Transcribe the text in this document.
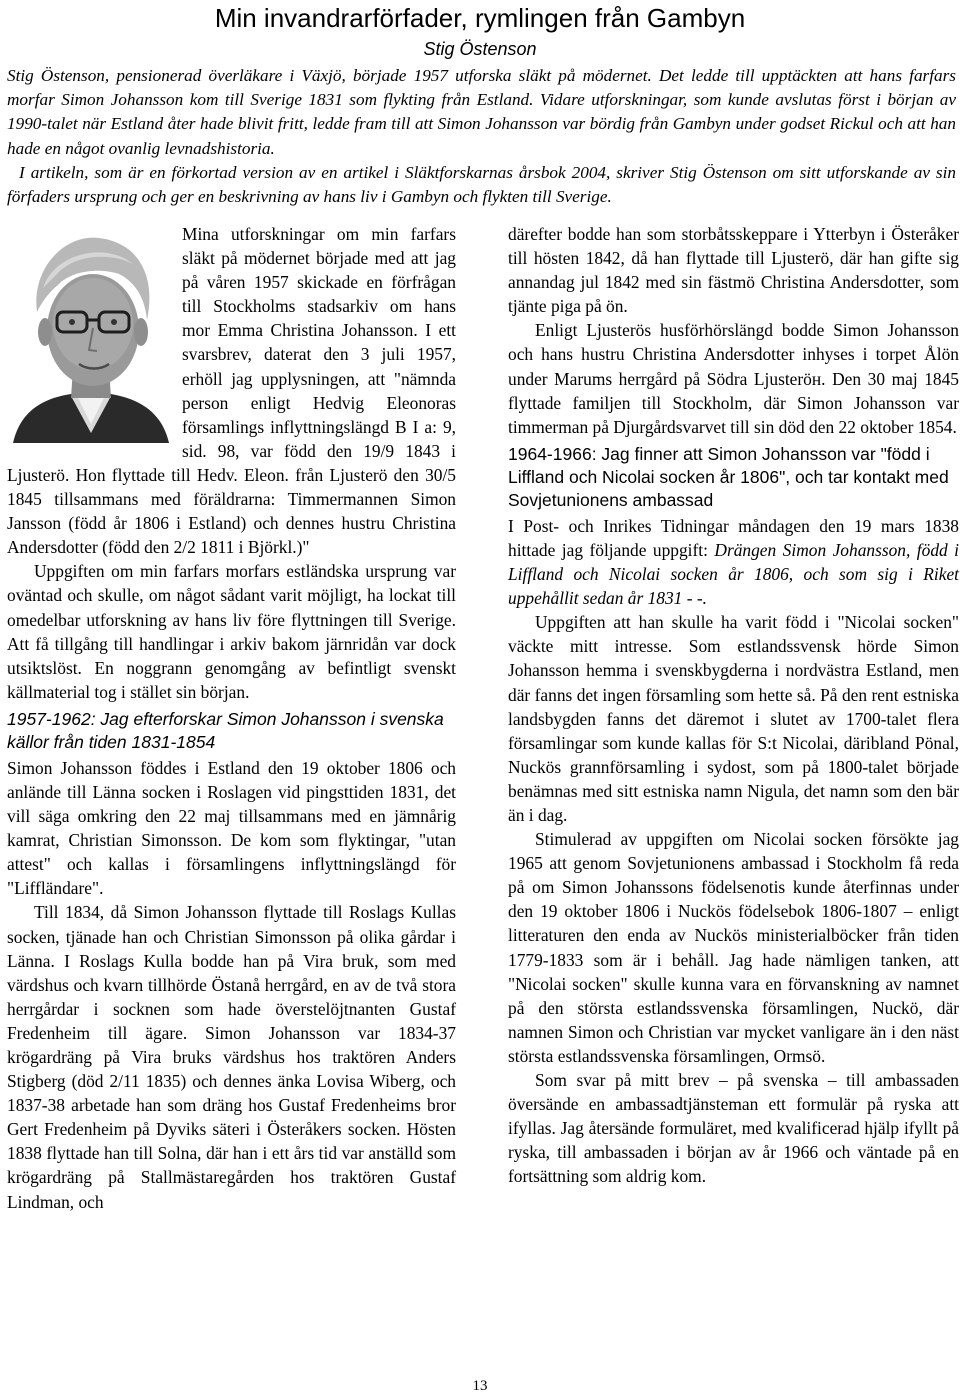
Min invandrarförfader, rymlingen från Gambyn
Stig Östenson

Stig Östenson, pensionerad överläkare i Växjö, började 1957 utforska släkt på mödernet. Det ledde till upptäckten att hans farfars morfar Simon Johansson kom till Sverige 1831 som flykting från Estland. Vidare utforskningar, som kunde avslutas först i början av 1990-talet när Estland åter hade blivit fritt, ledde fram till att Simon Johansson var bördig från Gambyn under godset Rickul och att han hade en något ovanlig levnadshistoria.

I artikeln, som är en förkortad version av en artikel i Släktforskarnas årsbok 2004, skriver Stig Östenson om sitt utforskande av sin förfaders ursprung och ger en beskrivning av hans liv i Gambyn och flykten till Sverige.

Mina utforskningar om min farfars släkt på mödernet började med att jag på våren 1957 skickade en förfrågan till Stockholms stadsarkiv om hans mor Emma Christina Johansson. I ett svarsbrev, daterat den 3 juli 1957, erhöll jag upplysningen, att "nämnda person enligt Hedvig Eleonoras församlings inflyttningslängd B I a: 9, sid. 98, var född den 19/9 1843 i Ljusterö. Hon flyttade till Hedv. Eleon. från Ljusterö den 30/5 1845 tillsammans med föräldrarna: Timmermannen Simon Jansson (född år 1806 i Estland) och dennes hustru Christina Andersdotter (född den 2/2 1811 i Björkl.)"

Uppgiften om min farfars morfars estländska ursprung var oväntad och skulle, om något sådant varit möjligt, ha lockat till omedelbar utforskning av hans liv före flyttningen till Sverige. Att få tillgång till handlingar i arkiv bakom järnridån var dock utsiktslöst. En noggrann genomgång av befintligt svenskt källmaterial tog i stället sin början.

1957-1962: Jag efterforskar Simon Johansson i svenska källor från tiden 1831-1854

Simon Johansson föddes i Estland den 19 oktober 1806 och anlände till Länna socken i Roslagen vid pingsttiden 1831, det vill säga omkring den 22 maj tillsammans med en jämnårig kamrat, Christian Simonsson. De kom som flyktingar, "utan attest" och kallas i församlingens inflyttningslängd för "Liffländare".

Till 1834, då Simon Johansson flyttade till Roslags Kullas socken, tjänade han och Christian Simonsson på olika gårdar i Länna. I Roslags Kulla bodde han på Vira bruk, som med värdshus och kvarn tillhörde Östanå herrgård, en av de två stora herrgårdar i socknen som hade överstelöjtnanten Gustaf Fredenheim till ägare. Simon Johansson var 1834-37 krögardräng på Vira bruks värdshus hos traktören Anders Stigberg (död 2/11 1835) och dennes änka Lovisa Wiberg, och 1837-38 arbetade han som dräng hos Gustaf Fredenheims bror Gert Fredenheim på Dyviks säteri i Österåkers socken. Hösten 1838 flyttade han till Solna, där han i ett års tid var anställd som krögardräng på Stallmästaregården hos traktören Gustaf Lindman, och

därefter bodde han som storbåtsskeppare i Ytterbyn i Österåker till hösten 1842, då han flyttade till Ljusterö, där han gifte sig annandag jul 1842 med sin fästmö Christina Andersdotter, som tjänte piga på ön.

Enligt Ljusterös husförhörslängd bodde Simon Johansson och hans hustru Christina Andersdotter inhyses i torpet Ålön under Marums herrgård på Södra Ljusteröн. Den 30 maj 1845 flyttade familjen till Stockholm, där Simon Johansson var timmerman på Djurgårdsvarvet till sin död den 22 oktober 1854.

1964-1966: Jag finner att Simon Johansson var "född i Liffland och Nicolai socken år 1806", och tar kontakt med Sovjetunionens ambassad

I Post- och Inrikes Tidningar måndagen den 19 mars 1838 hittade jag följande uppgift: Drängen Simon Johansson, född i Liffland och Nicolai socken år 1806, och som sig i Riket uppehållit sedan år 1831 - -.

Uppgiften att han skulle ha varit född i "Nicolai socken" väckte mitt intresse. Som estlandssvensk hörde Simon Johansson hemma i svenskbygderna i nordvästra Estland, men där fanns det ingen församling som hette så. På den rent estniska landsbygden fanns det däremot i slutet av 1700-talet flera församlingar som kunde kallas för S:t Nicolai, däribland Pönal, Nuckös grannförsamling i sydost, som på 1800-talet började benämnas med sitt estniska namn Nigula, det namn som den bär än i dag.

Stimulerad av uppgiften om Nicolai socken försökte jag 1965 att genom Sovjetunionens ambassad i Stockholm få reda på om Simon Johanssons födelsenotis kunde återfinnas under den 19 oktober 1806 i Nuckös födelsebok 1806-1807 – enligt litteraturen den enda av Nuckös ministerialböcker från tiden 1779-1833 som är i behåll. Jag hade nämligen tanken, att "Nicolai socken" skulle kunna vara en förvanskning av namnet på den största estlandssvenska församlingen, Nuckö, där namnen Simon och Christian var mycket vanligare än i den näst största estlandssvenska församlingen, Ormsö.

Som svar på mitt brev – på svenska – till ambassaden översände en ambassadtjänsteman ett formulär på ryska att ifyllas. Jag återsände formuläret, med kvalificerad hjälp ifyllt på ryska, till ambassaden i början av år 1966 och väntade på en fortsättning som aldrig kom.

13
